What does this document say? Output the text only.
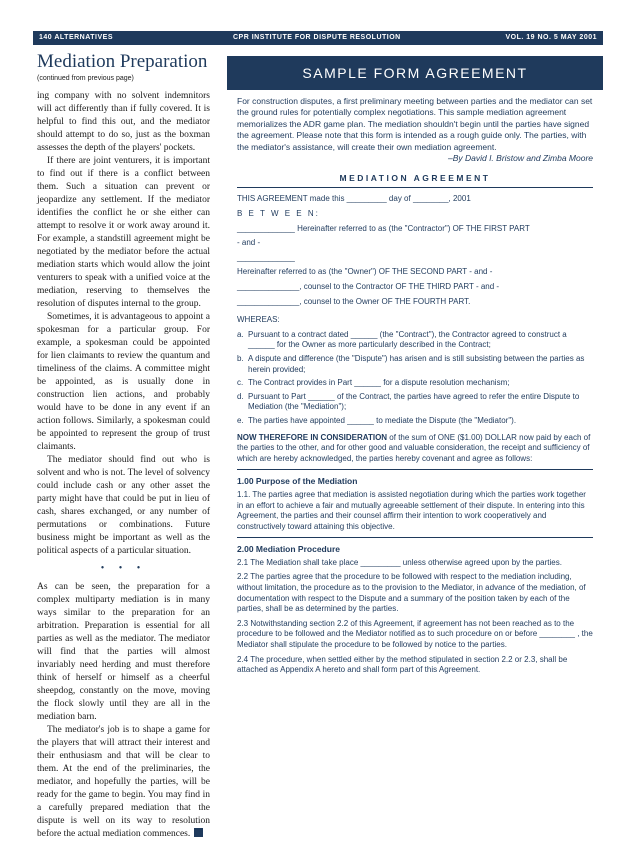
140 ALTERNATIVES	CPR INSTITUTE FOR DISPUTE RESOLUTION	VOL. 19 NO. 5 MAY 2001
Mediation Preparation
(continued from previous page)

ing company with no solvent indemnitors will act differently than if fully covered. It is helpful to find this out, and the mediator should attempt to do so, just as the boxman assesses the depth of the players' pockets.

If there are joint venturers, it is important to find out if there is a conflict between them. Such a situation can prevent or jeopardize any settlement. If the mediator identifies the conflict he or she either can attempt to resolve it or work away around it. For example, a standstill agreement might be negotiated by the mediator before the actual mediation starts which would allow the joint venturers to speak with a unified voice at the mediation, reserving to themselves the resolution of disputes internal to the group.

Sometimes, it is advantageous to appoint a spokesman for a particular group. For example, a spokesman could be appointed for lien claimants to review the quantum and timeliness of the claims. A committee might be appointed, as is usually done in construction lien actions, and probably would have to be done in any event if an action follows. Similarly, a spokesman could be appointed to represent the group of trust claimants.

The mediator should find out who is solvent and who is not. The level of solvency could include cash or any other asset the party might have that could be put in lieu of cash, shares exchanged, or any number of permutations or combinations. Future business might be important as well as the political aspects of a particular situation.

• • •

As can be seen, the preparation for a complex multiparty mediation is in many ways similar to the preparation for an arbitration. Preparation is essential for all parties as well as the mediator. The mediator will find that the parties will almost invariably need herding and must therefore think of herself or himself as a cheerful sheepdog, constantly on the move, moving the flock slowly until they are all in the mediation barn.

The mediator's job is to shape a game for the players that will attract their interest and their enthusiasm and that will be clear to them. At the end of the preliminaries, the mediator, and hopefully the parties, will be ready for the game to begin. You may find in a carefully prepared mediation that the dispute is well on its way to resolution before the actual mediation commences.

SAMPLE FORM AGREEMENT

For construction disputes, a first preliminary meeting between parties and the mediator can set the ground rules for potentially complex negotiations. This sample mediation agreement memorializes the ADR game plan. The mediation shouldn't begin until the parties have signed the agreement. Please note that this form is intended as a rough guide only. The parties, with the mediator's assistance, will create their own mediation agreement.

–By David I. Bristow and Zimba Moore

MEDIATION AGREEMENT

THIS AGREEMENT made this _________ day of ________, 2001

B E T W E E N:

_____________ Hereinafter referred to as (the "Contractor") OF THE FIRST PART

- and -

_____________

Hereinafter referred to as (the "Owner") OF THE SECOND PART - and -

______________, counsel to the Contractor OF THE THIRD PART - and -

______________, counsel to the Owner OF THE FOURTH PART.

WHEREAS:

a. Pursuant to a contract dated ______ (the "Contract"), the Contractor agreed to construct a ______ for the Owner as more particularly described in the Contract;
b. A dispute and difference (the "Dispute") has arisen and is still subsisting between the parties as herein provided;
c. The Contract provides in Part ______ for a dispute resolution mechanism;
d. Pursuant to Part ______ of the Contract, the parties have agreed to refer the entire Dispute to Mediation (the "Mediation");
e. The parties have appointed ______ to mediate the Dispute (the "Mediator").

NOW THEREFORE IN CONSIDERATION of the sum of ONE ($1.00) DOLLAR now paid by each of the parties to the other, and for other good and valuable consideration, the receipt and sufficiency of which are hereby acknowledged, the parties hereby covenant and agree as follows:

1.00 Purpose of the Mediation

1.1. The parties agree that mediation is assisted negotiation during which the parties work together in an effort to achieve a fair and mutually agreeable settlement of their dispute. In entering into this Agreement, the parties and their counsel affirm their intention to work cooperatively and constructively toward attaining this objective.

2.00 Mediation Procedure

2.1 The Mediation shall take place _________ unless otherwise agreed upon by the parties.

2.2 The parties agree that the procedure to be followed with respect to the mediation including, without limitation, the procedure as to the provision to the Mediator, in advance of the mediation, of documentation with respect to the Dispute and a summary of the position taken by each of the parties, shall be as determined by the parties.

2.3 Notwithstanding section 2.2 of this Agreement, if agreement has not been reached as to the procedure to be followed and the Mediator notified as to such procedure on or before ________ , the Mediator shall stipulate the procedure to be followed by notice to the parties.

2.4 The procedure, when settled either by the method stipulated in section 2.2 or 2.3, shall be attached as Appendix A hereto and shall form part of this Agreement.
